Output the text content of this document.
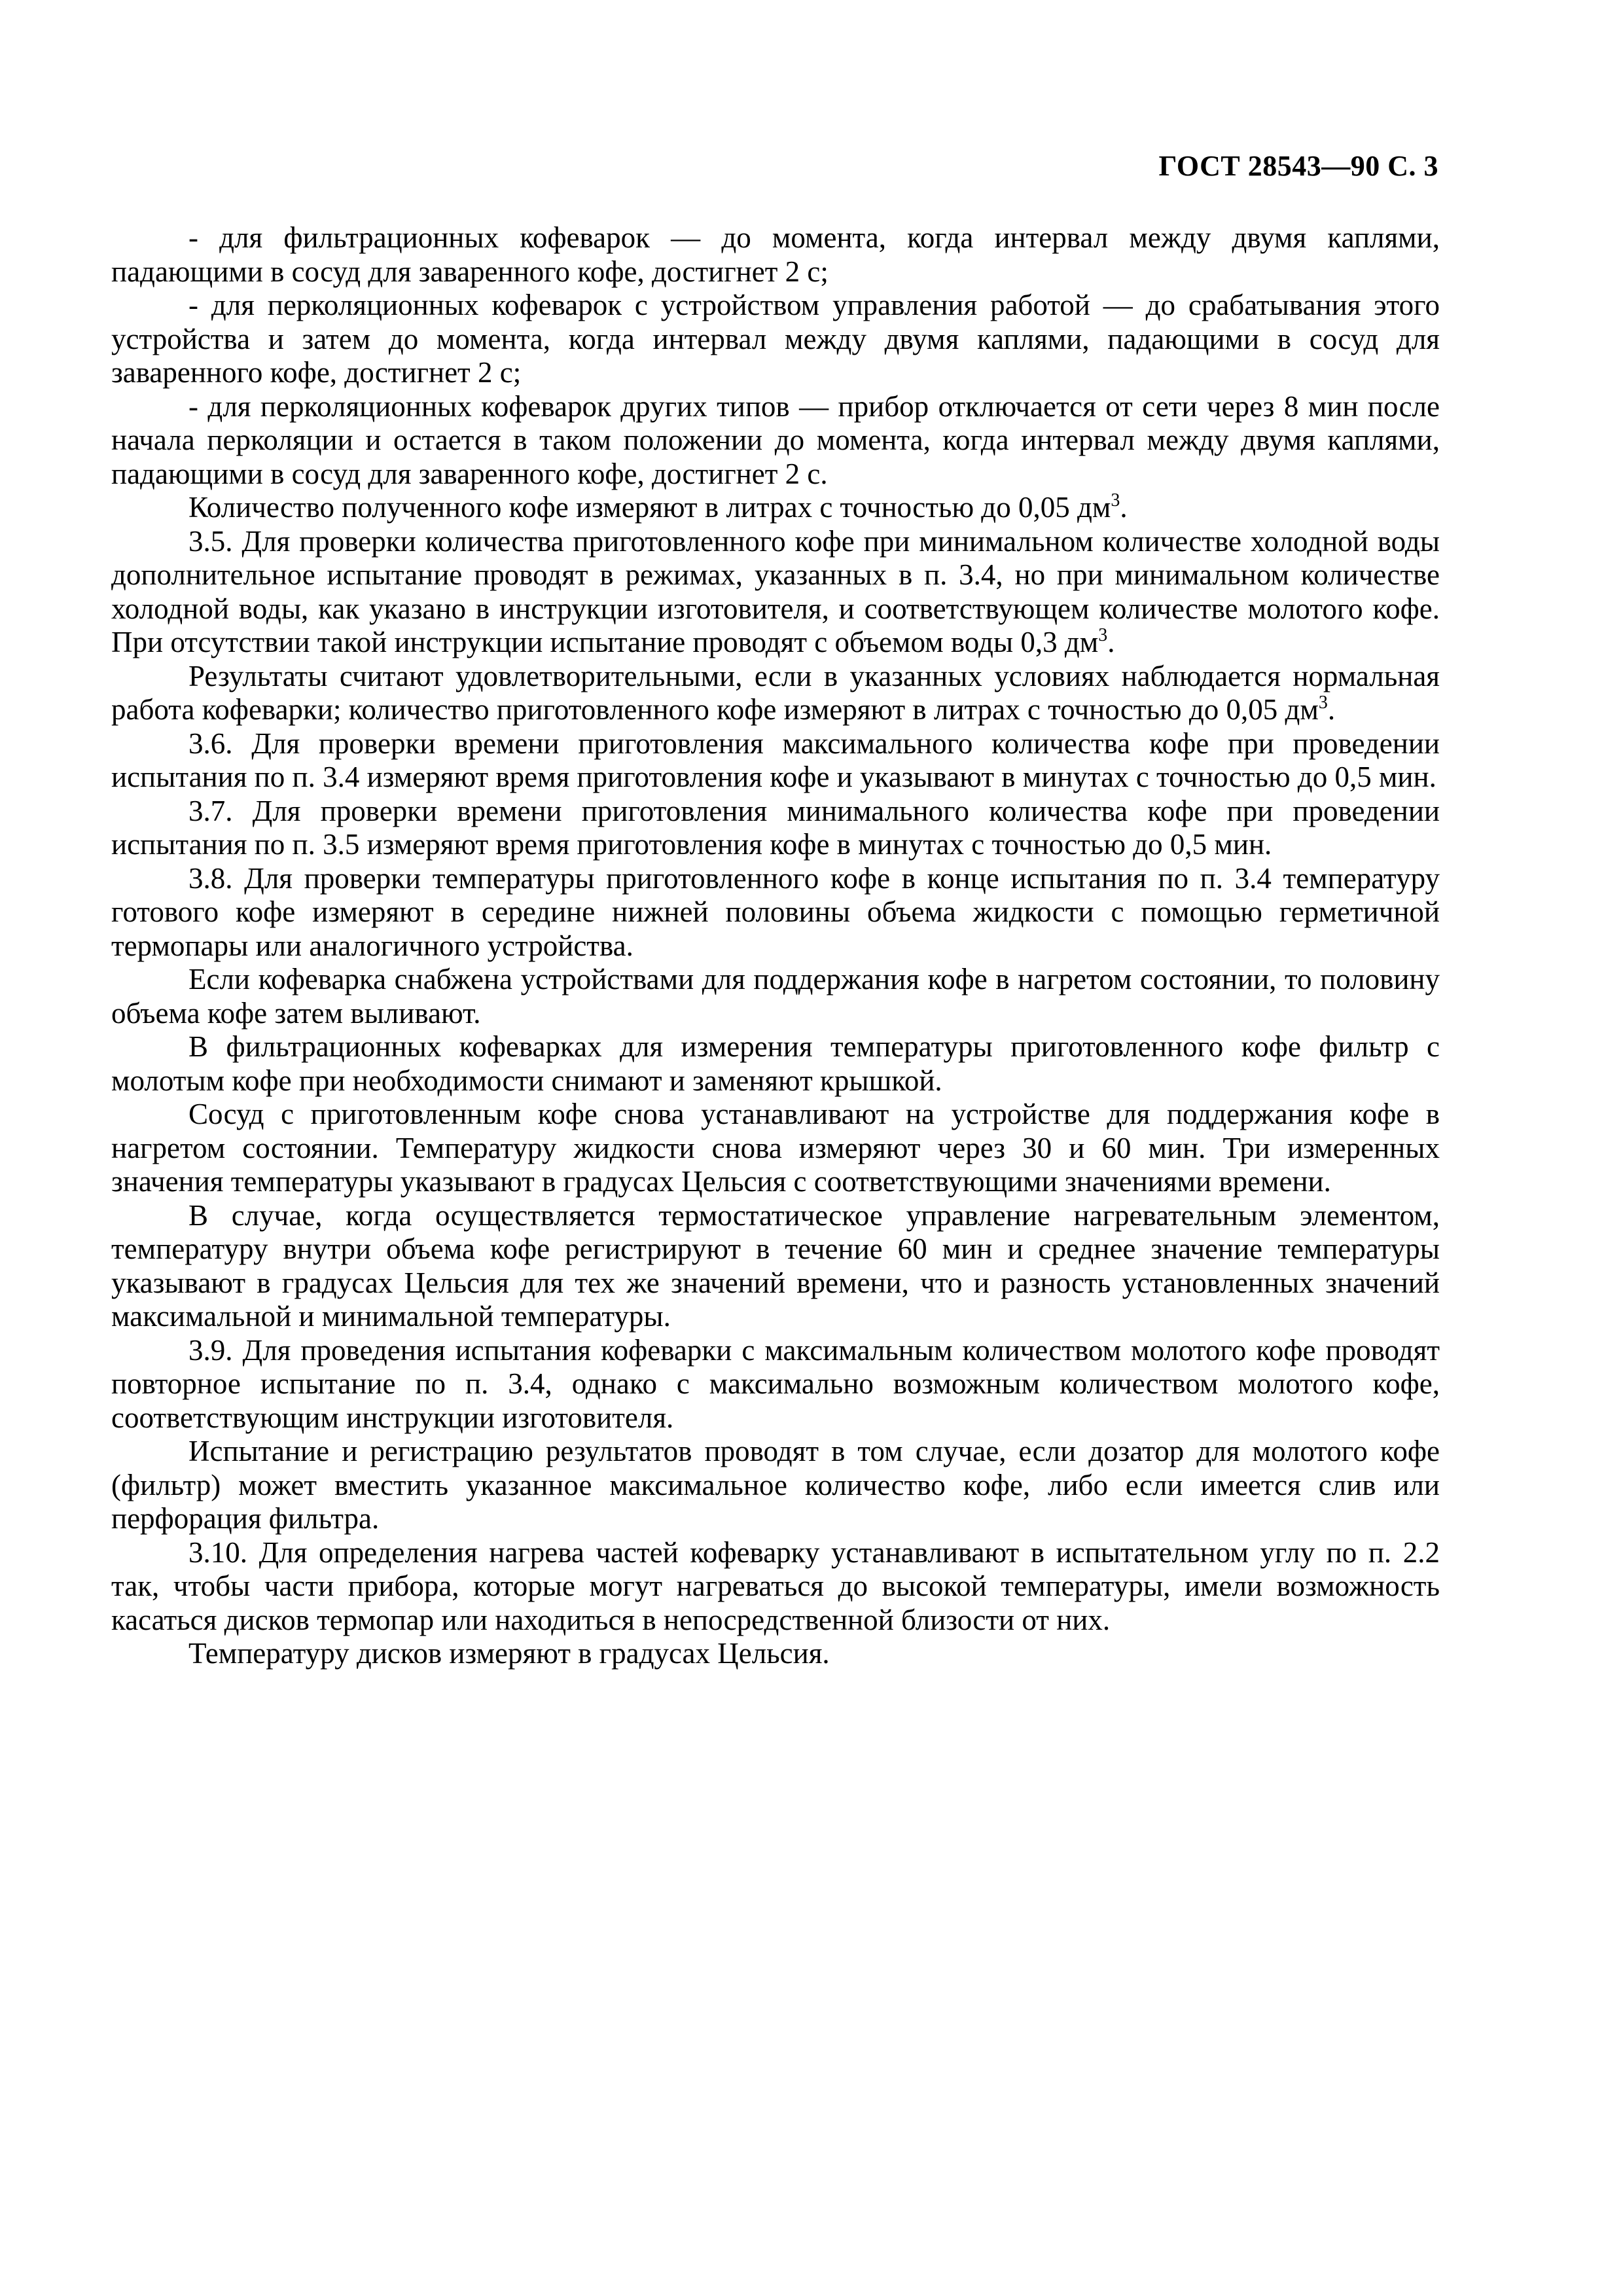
ГОСТ 28543—90 С. 3

- для фильтрационных кофеварок — до момента, когда интервал между двумя каплями, падающими в сосуд для заваренного кофе, достигнет 2 с;

- для перколяционных кофеварок с устройством управления работой — до срабатывания этого устройства и затем до момента, когда интервал между двумя каплями, падающими в сосуд для заваренного кофе, достигнет 2 с;

- для перколяционных кофеварок других типов — прибор отключается от сети через 8 мин после начала перколяции и остается в таком положении до момента, когда интервал между двумя каплями, падающими в сосуд для заваренного кофе, достигнет 2 с.

Количество полученного кофе измеряют в литрах с точностью до 0,05 $дм^3$.

3.5. Для проверки количества приготовленного кофе при минимальном количестве холодной воды дополнительное испытание проводят в режимах, указанных в п. 3.4, но при минимальном количестве холодной воды, как указано в инструкции изготовителя, и соответствующем количестве молотого кофе. При отсутствии такой инструкции испытание проводят с объемом воды 0,3 $дм^3$.

Результаты считают удовлетворительными, если в указанных условиях наблюдается нормальная работа кофеварки; количество приготовленного кофе измеряют в литрах с точностью до 0,05 $дм^3$.

3.6. Для проверки времени приготовления максимального количества кофе при проведении испытания по п. 3.4 измеряют время приготовления кофе и указывают в минутах с точностью до 0,5 мин.

3.7. Для проверки времени приготовления минимального количества кофе при проведении испытания по п. 3.5 измеряют время приготовления кофе в минутах с точностью до 0,5 мин.

3.8. Для проверки температуры приготовленного кофе в конце испытания по п. 3.4 температуру готового кофе измеряют в середине нижней половины объема жидкости с помощью герметичной термопары или аналогичного устройства.

Если кофеварка снабжена устройствами для поддержания кофе в нагретом состоянии, то половину объема кофе затем выливают.

В фильтрационных кофеварках для измерения температуры приготовленного кофе фильтр с молотым кофе при необходимости снимают и заменяют крышкой.

Сосуд с приготовленным кофе снова устанавливают на устройстве для поддержания кофе в нагретом состоянии. Температуру жидкости снова измеряют через 30 и 60 мин. Три измеренных значения температуры указывают в градусах Цельсия с соответствующими значениями времени.

В случае, когда осуществляется термостатическое управление нагревательным элементом, температуру внутри объема кофе регистрируют в течение 60 мин и среднее значение температуры указывают в градусах Цельсия для тех же значений времени, что и разность установленных значений максимальной и минимальной температуры.

3.9. Для проведения испытания кофеварки с максимальным количеством молотого кофе проводят повторное испытание по п. 3.4, однако с максимально возможным количеством молотого кофе, соответствующим инструкции изготовителя.

Испытание и регистрацию результатов проводят в том случае, если дозатор для молотого кофе (фильтр) может вместить указанное максимальное количество кофе, либо если имеется слив или перфорация фильтра.

3.10. Для определения нагрева частей кофеварку устанавливают в испытательном углу по п. 2.2 так, чтобы части прибора, которые могут нагреваться до высокой температуры, имели возможность касаться дисков термопар или находиться в непосредственной близости от них.

Температуру дисков измеряют в градусах Цельсия.
